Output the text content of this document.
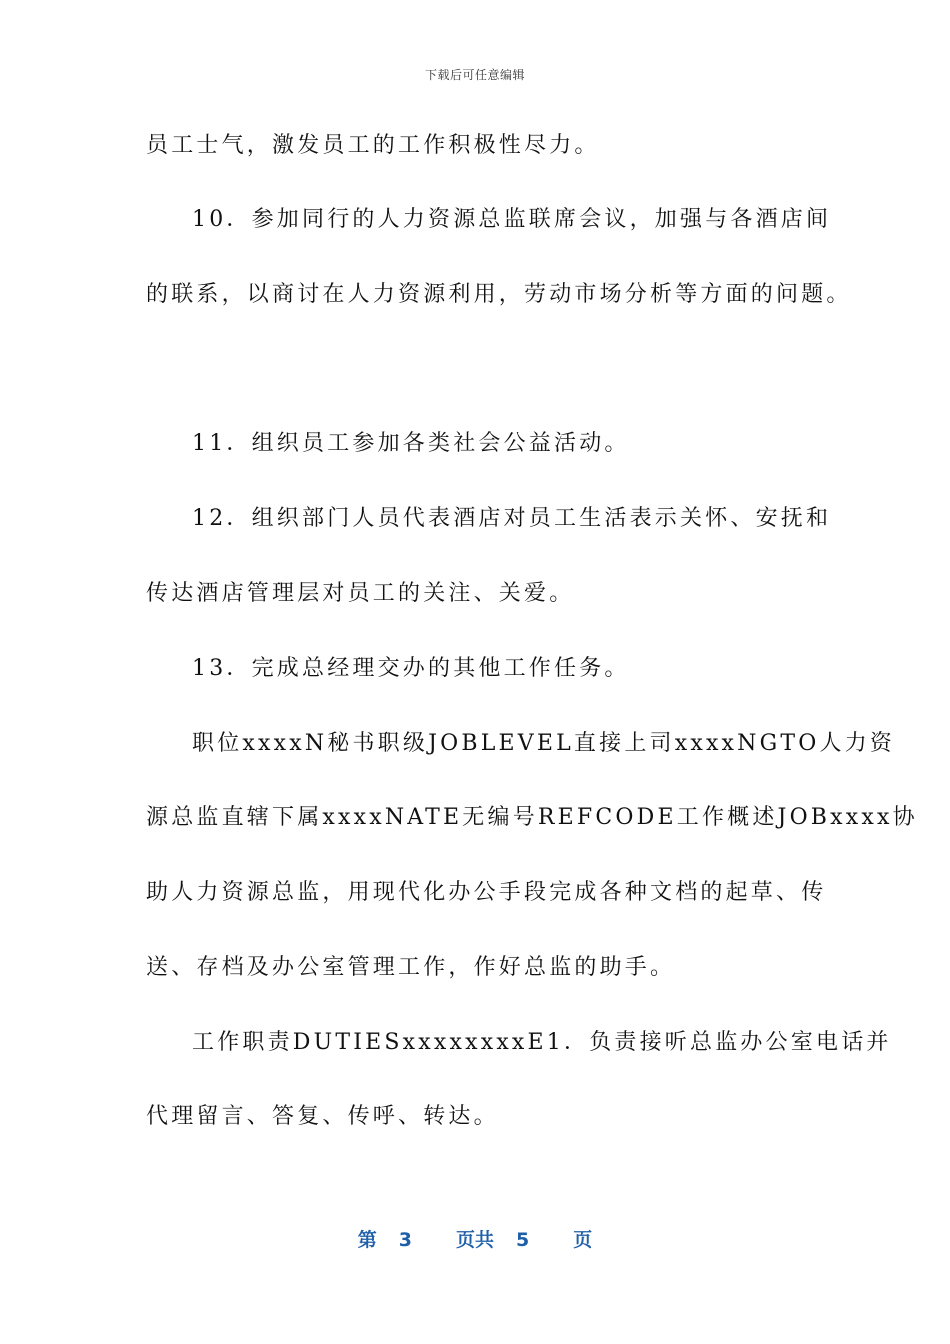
下载后可任意编辑
员工士气，激发员工的工作积极性尽力。
10．参加同行的人力资源总监联席会议，加强与各酒店间
的联系，以商讨在人力资源利用，劳动市场分析等方面的问题。
11．组织员工参加各类社会公益活动。
12．组织部门人员代表酒店对员工生活表示关怀、安抚和
传达酒店管理层对员工的关注、关爱。
13．完成总经理交办的其他工作任务。
职位xxxxN秘书职级JOBLEVEL直接上司xxxxNGTO人力资
源总监直辖下属xxxxNATE无编号REFCODE工作概述JOBxxxx协
助人力资源总监，用现代化办公手段完成各种文档的起草、传
送、存档及办公室管理工作，作好总监的助手。
工作职责DUTIESxxxxxxxxE1．负责接听总监办公室电话并
代理留言、答复、传呼、转达。
第 3 页共 5 页
